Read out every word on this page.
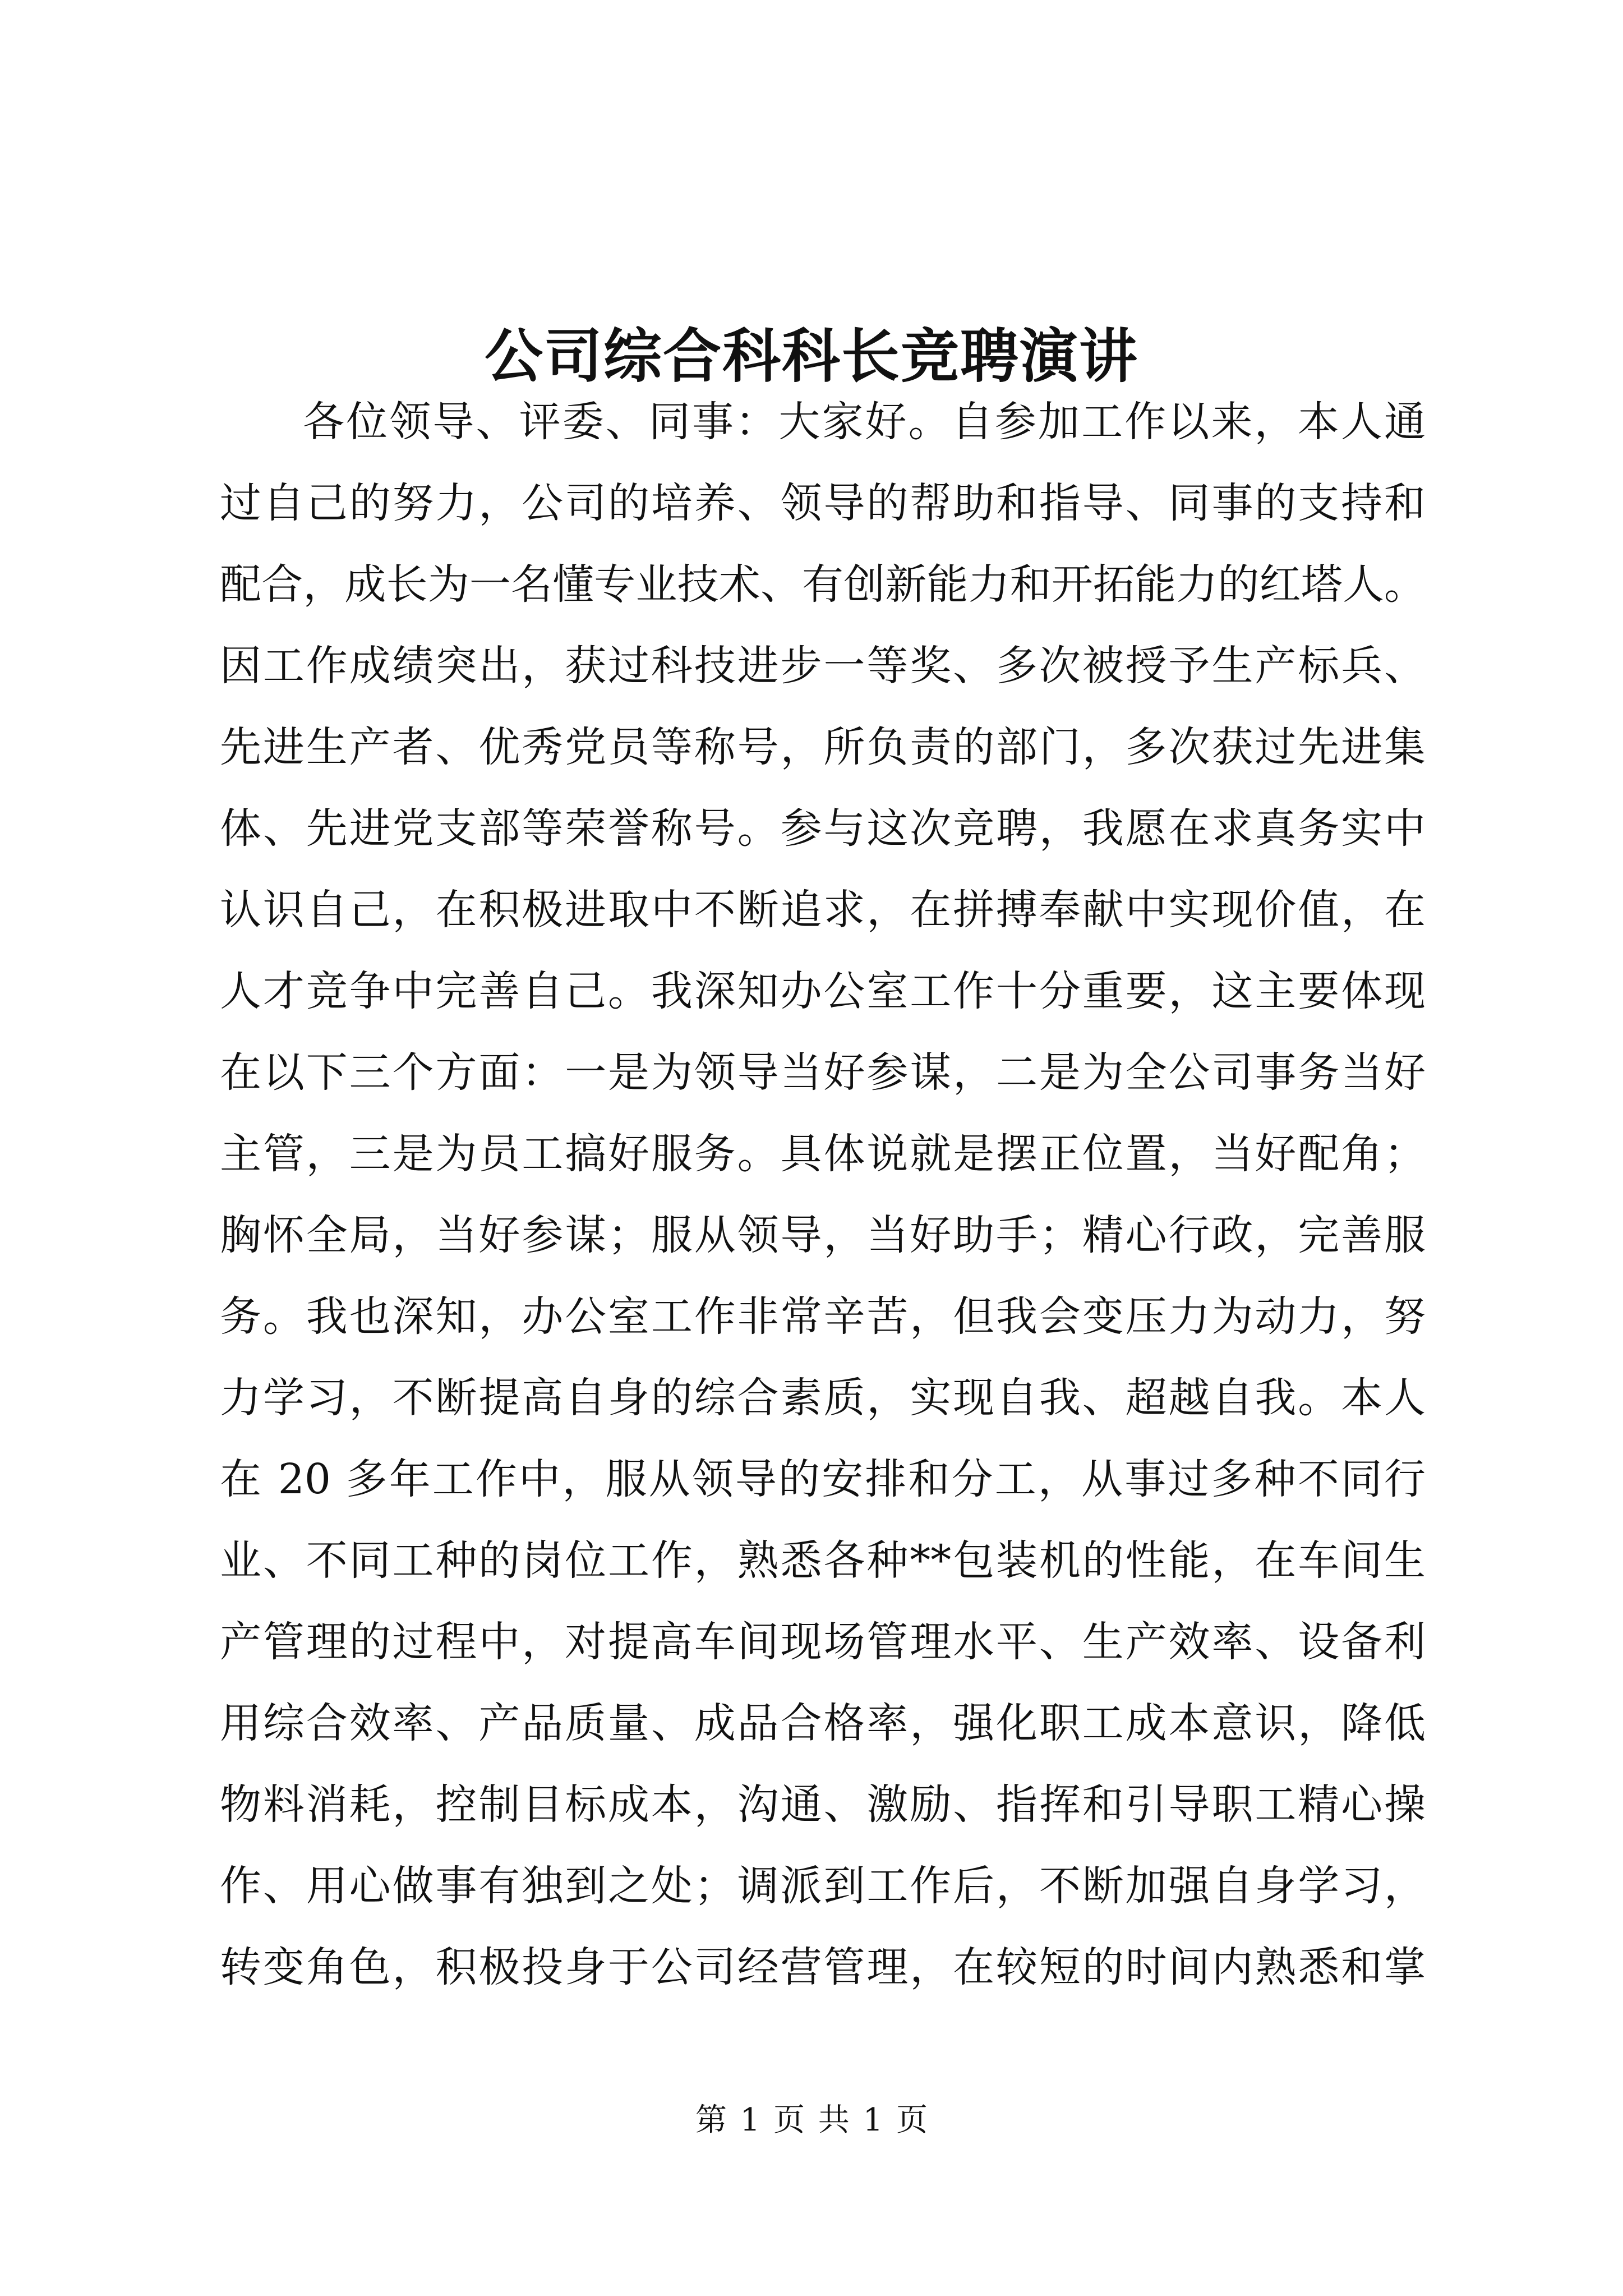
公司综合科科长竞聘演讲
各位领导、评委、同事：大家好。自参加工作以来，本人通
过自己的努力，公司的培养、领导的帮助和指导、同事的支持和
配合，成长为一名懂专业技术、有创新能力和开拓能力的红塔人。
因工作成绩突出，获过科技进步一等奖、多次被授予生产标兵、
先进生产者、优秀党员等称号，所负责的部门，多次获过先进集
体、先进党支部等荣誉称号。参与这次竞聘，我愿在求真务实中
认识自己，在积极进取中不断追求，在拼搏奉献中实现价值，在
人才竞争中完善自己。我深知办公室工作十分重要，这主要体现
在以下三个方面：一是为领导当好参谋，二是为全公司事务当好
主管，三是为员工搞好服务。具体说就是摆正位置，当好配角；
胸怀全局，当好参谋；服从领导，当好助手；精心行政，完善服
务。我也深知，办公室工作非常辛苦，但我会变压力为动力，努
力学习，不断提高自身的综合素质，实现自我、超越自我。本人
在 20 多年工作中，服从领导的安排和分工，从事过多种不同行
业、不同工种的岗位工作，熟悉各种**包装机的性能，在车间生
产管理的过程中，对提高车间现场管理水平、生产效率、设备利
用综合效率、产品质量、成品合格率，强化职工成本意识，降低
物料消耗，控制目标成本，沟通、激励、指挥和引导职工精心操
作、用心做事有独到之处；调派到工作后，不断加强自身学习，
转变角色，积极投身于公司经营管理，在较短的时间内熟悉和掌
第 1 页 共 1 页
